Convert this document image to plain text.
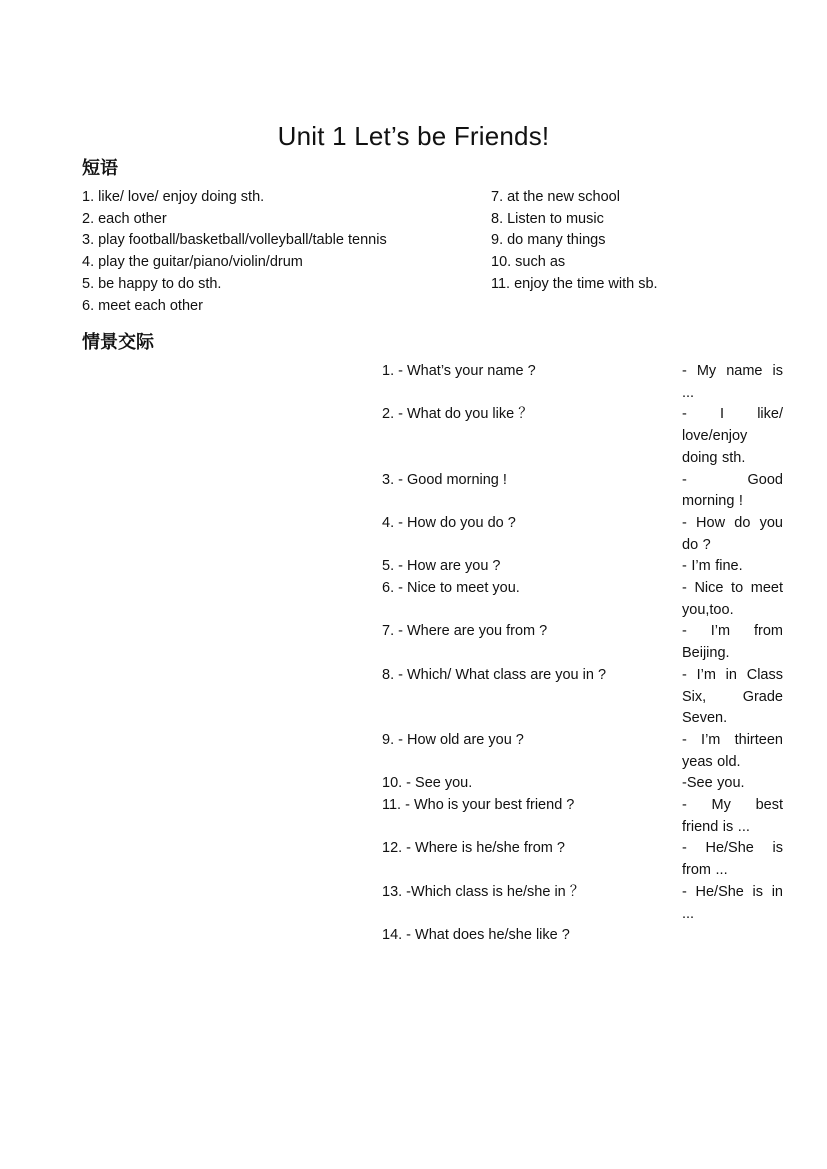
Unit 1 Let’s be Friends!
短语
1. like/ love/ enjoy doing sth.
2. each other
3. play football/basketball/volleyball/table tennis
4. play the guitar/piano/violin/drum
5. be happy to do sth.
6. meet each other
7. at the new school
8. Listen to music
9. do many things
10. such as
11. enjoy the time with sb.
情景交际
1. - What’s your name ?	- My name is ...
2. - What do you like ？	- I like/ love/enjoy doing sth.
3. - Good morning !	- Good morning !
4. - How do you do ?	- How do you do ?
5. - How are you ?	- I’m fine.
6. - Nice to meet you.	- Nice to meet you,too.
7. - Where are you from ?	- I’m from Beijing.
8. - Which/ What class are you in ?	- I’m in Class Six, Grade Seven.
9. - How old are you ?	- I’m thirteen yeas old.
10. - See you.	-See you.
11. - Who is your best friend ?	- My best friend is ...
12. - Where is he/she from ?	- He/She is from ...
13. -Which class is he/she in ？	- He/She is in ...
14. - What does he/she like ?
